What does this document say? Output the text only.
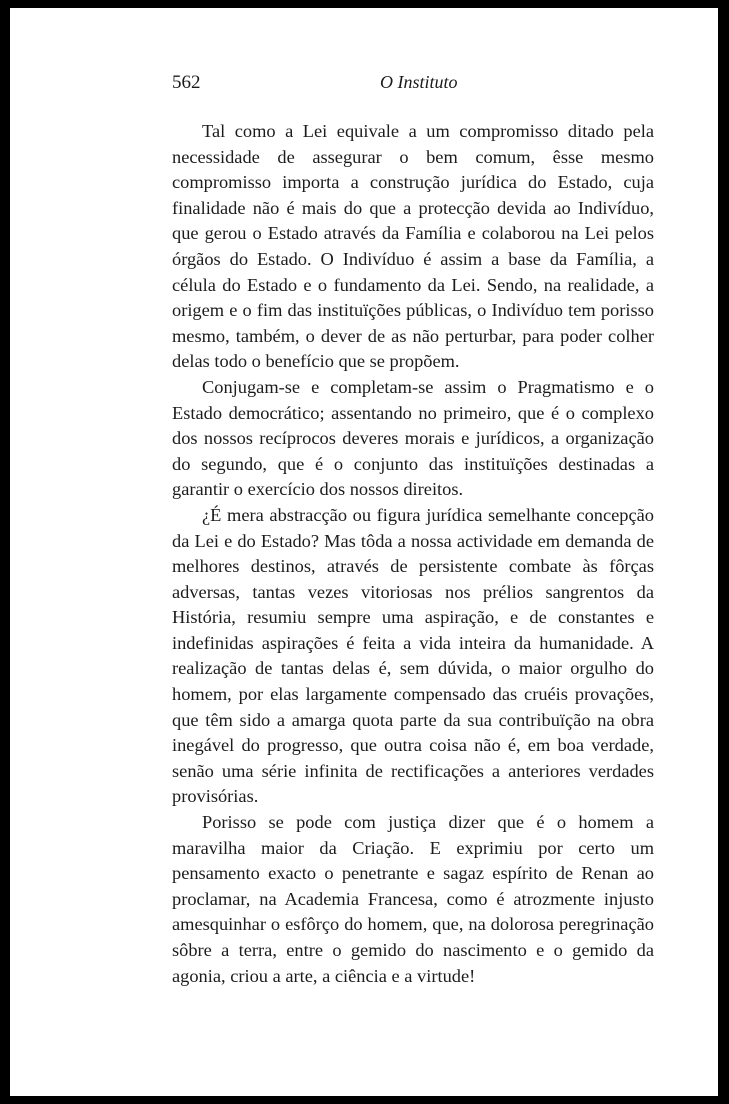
562	O Instituto

Tal como a Lei equivale a um compromisso ditado pela necessidade de assegurar o bem comum, êsse mesmo compromisso importa a construção jurídica do Estado, cuja finalidade não é mais do que a protecção devida ao Indivíduo, que gerou o Estado através da Família e colaborou na Lei pelos órgãos do Estado. O Indivíduo é assim a base da Família, a célula do Estado e o fundamento da Lei. Sendo, na realidade, a origem e o fim das instituïções públicas, o Indivíduo tem porisso mesmo, também, o dever de as não perturbar, para poder colher delas todo o benefício que se propõem.

Conjugam-se e completam-se assim o Pragmatismo e o Estado democrático; assentando no primeiro, que é o complexo dos nossos recíprocos deveres morais e jurídicos, a organização do segundo, que é o conjunto das instituïções destinadas a garantir o exercício dos nossos direitos.

¿É mera abstracção ou figura jurídica semelhante concepção da Lei e do Estado? Mas tôda a nossa actividade em demanda de melhores destinos, através de persistente combate às fôrças adversas, tantas vezes vitoriosas nos prélios sangrentos da História, resumiu sempre uma aspiração, e de constantes e indefinidas aspirações é feita a vida inteira da humanidade. A realização de tantas delas é, sem dúvida, o maior orgulho do homem, por elas largamente compensado das cruéis provações, que têm sido a amarga quota parte da sua contribuïção na obra inegável do progresso, que outra coisa não é, em boa verdade, senão uma série infinita de rectificações a anteriores verdades provisórias.

Porisso se pode com justiça dizer que é o homem a maravilha maior da Criação. E exprimiu por certo um pensamento exacto o penetrante e sagaz espírito de Renan ao proclamar, na Academia Francesa, como é atrozmente injusto amesquinhar o esfôrço do homem, que, na dolorosa peregrinação sôbre a terra, entre o gemido do nascimento e o gemido da agonia, criou a arte, a ciência e a virtude!
